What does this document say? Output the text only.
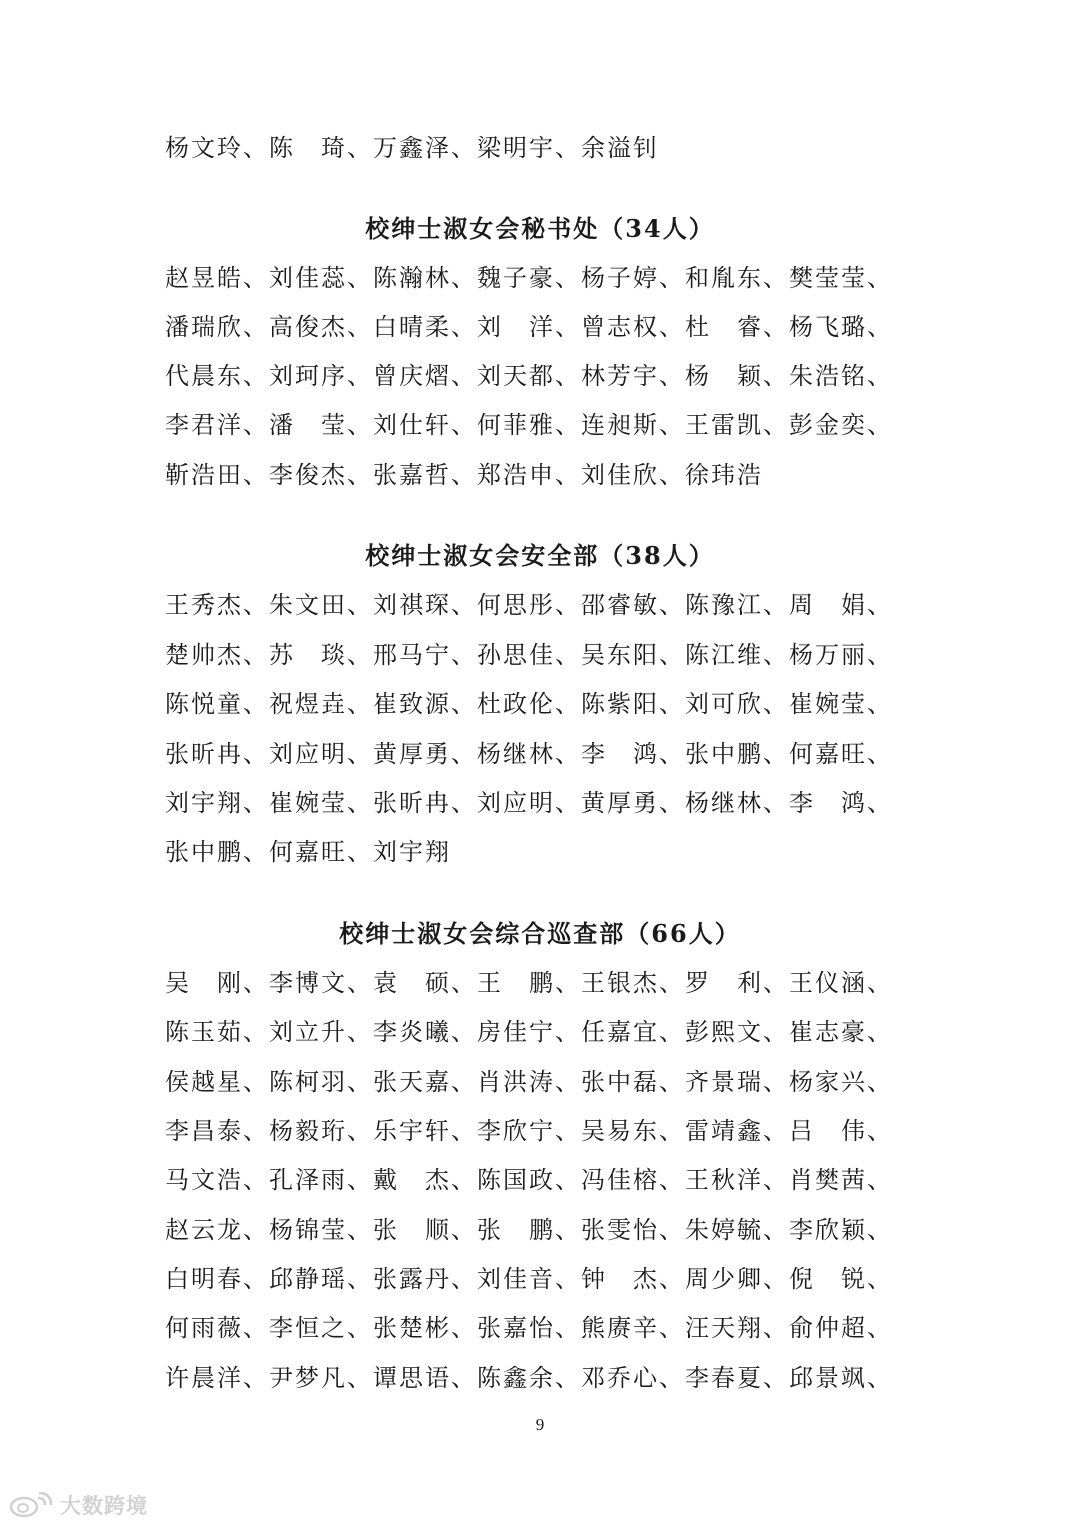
杨文玲、陈　琦、万鑫泽、梁明宇、余溢钊
校绅士淑女会秘书处（34人）
赵昱皓、刘佳蕊、陈瀚林、魏子豪、杨子婷、和胤东、樊莹莹、
潘瑞欣、高俊杰、白晴柔、刘　洋、曾志权、杜　睿、杨飞璐、
代晨东、刘珂序、曾庆熠、刘天都、林芳宇、杨　颖、朱浩铭、
李君洋、潘　莹、刘仕轩、何菲雅、连昶斯、王雷凯、彭金奕、
靳浩田、李俊杰、张嘉哲、郑浩申、刘佳欣、徐玮浩
校绅士淑女会安全部（38人）
王秀杰、朱文田、刘祺琛、何思彤、邵睿敏、陈豫江、周　娟、
楚帅杰、苏　琰、邢马宁、孙思佳、吴东阳、陈江维、杨万丽、
陈悦童、祝煜垚、崔致源、杜政伦、陈紫阳、刘可欣、崔婉莹、
张昕冉、刘应明、黄厚勇、杨继林、李　鸿、张中鹏、何嘉旺、
刘宇翔、崔婉莹、张昕冉、刘应明、黄厚勇、杨继林、李　鸿、
张中鹏、何嘉旺、刘宇翔
校绅士淑女会综合巡查部（66人）
吴　刚、李博文、袁　硕、王　鹏、王银杰、罗　利、王仪涵、
陈玉茹、刘立升、李炎曦、房佳宁、任嘉宜、彭熙文、崔志豪、
侯越星、陈柯羽、张天嘉、肖洪涛、张中磊、齐景瑞、杨家兴、
李昌泰、杨毅珩、乐宇轩、李欣宁、吴易东、雷靖鑫、吕　伟、
马文浩、孔泽雨、戴　杰、陈国政、冯佳榕、王秋洋、肖樊茜、
赵云龙、杨锦莹、张　顺、张　鹏、张雯怡、朱婷毓、李欣颖、
白明春、邱静瑶、张露丹、刘佳音、钟　杰、周少卿、倪　锐、
何雨薇、李恒之、张楚彬、张嘉怡、熊赓辛、汪天翔、俞仲超、
许晨洋、尹梦凡、谭思语、陈鑫余、邓乔心、李春夏、邱景飒、
9
大数跨境
